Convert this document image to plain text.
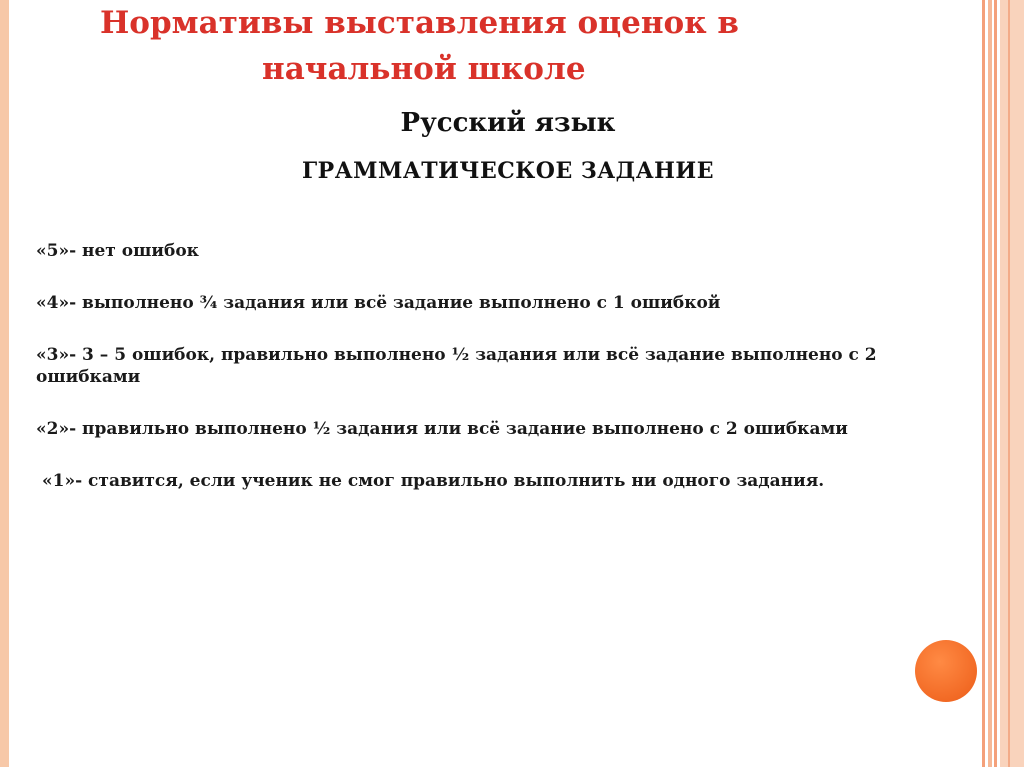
Нормативы выставления оценок в
начальной школе
Русский язык
ГРАММАТИЧЕСКОЕ ЗАДАНИЕ

«5»- нет ошибок

«4»- выполнено ¾ задания или всё задание выполнено с 1 ошибкой

«3»- 3 – 5 ошибок, правильно выполнено ½ задания или всё задание выполнено с 2 ошибками

«2»- правильно выполнено ½ задания или всё задание выполнено с 2 ошибками

«1»- ставится, если ученик не смог правильно выполнить ни одного задания.
